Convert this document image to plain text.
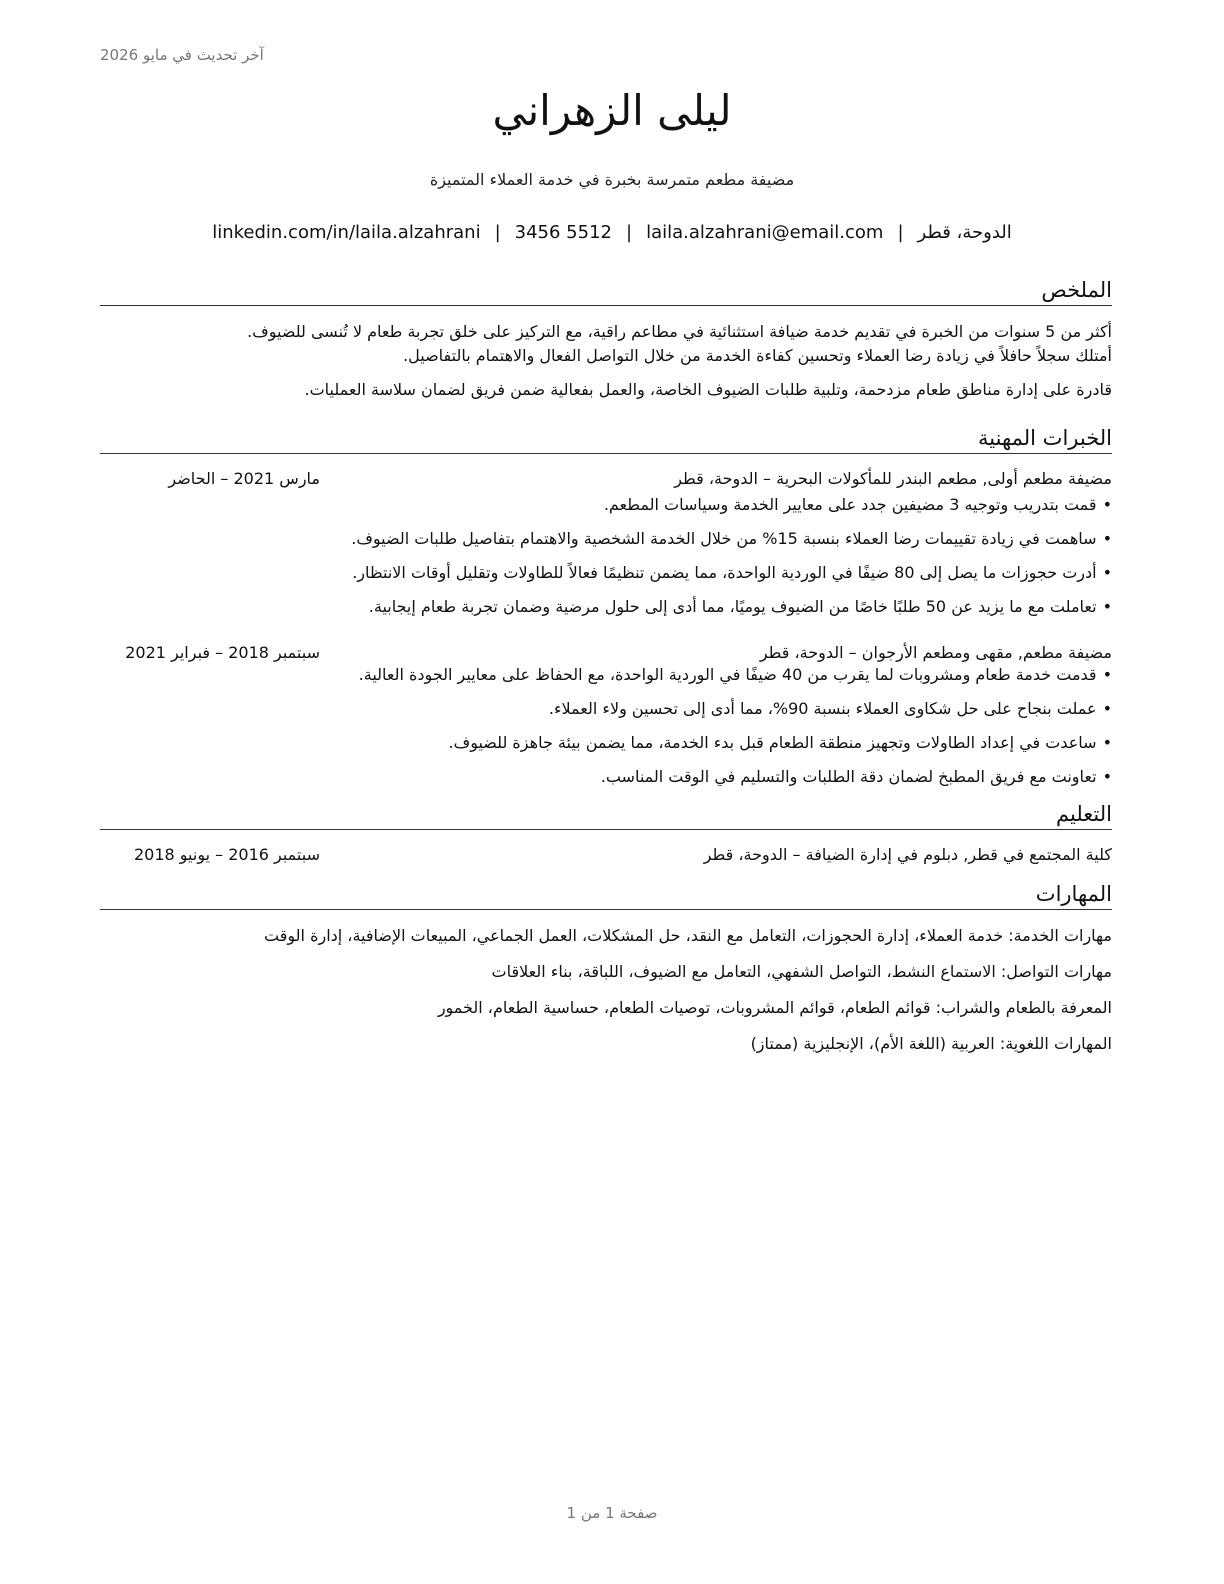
آخر تحديث في مايو 2026
ليلى الزهراني
مضيفة مطعم متمرسة بخبرة في خدمة العملاء المتميزة
الدوحة، قطر|laila.alzahrani@email.com|3456 5512|linkedin.com/in/laila.alzahrani
الملخص

أكثر من 5 سنوات من الخبرة في تقديم خدمة ضيافة استثنائية في مطاعم راقية، مع التركيز على خلق تجربة طعام لا تُنسى للضيوف.

أمتلك سجلاً حافلاً في زيادة رضا العملاء وتحسين كفاءة الخدمة من خلال التواصل الفعال والاهتمام بالتفاصيل.

قادرة على إدارة مناطق طعام مزدحمة، وتلبية طلبات الضيوف الخاصة، والعمل بفعالية ضمن فريق لضمان سلاسة العمليات.

الخبرات المهنية
مضيفة مطعم أولى, مطعم البندر للمأكولات البحرية – الدوحة، قطر
مارس 2021 – الحاضر
•قمت بتدريب وتوجيه 3 مضيفين جدد على معايير الخدمة وسياسات المطعم.
•ساهمت في زيادة تقييمات رضا العملاء بنسبة 15% من خلال الخدمة الشخصية والاهتمام بتفاصيل طلبات الضيوف.
•أدرت حجوزات ما يصل إلى 80 ضيفًا في الوردية الواحدة، مما يضمن تنظيمًا فعالاً للطاولات وتقليل أوقات الانتظار.
•تعاملت مع ما يزيد عن 50 طلبًا خاصًا من الضيوف يوميًا، مما أدى إلى حلول مرضية وضمان تجربة طعام إيجابية.
مضيفة مطعم, مقهى ومطعم الأرجوان – الدوحة، قطر
سبتمبر 2018 – فبراير 2021
•قدمت خدمة طعام ومشروبات لما يقرب من 40 ضيفًا في الوردية الواحدة، مع الحفاظ على معايير الجودة العالية.
•عملت بنجاح على حل شكاوى العملاء بنسبة 90%، مما أدى إلى تحسين ولاء العملاء.
•ساعدت في إعداد الطاولات وتجهيز منطقة الطعام قبل بدء الخدمة، مما يضمن بيئة جاهزة للضيوف.
•تعاونت مع فريق المطبخ لضمان دقة الطلبات والتسليم في الوقت المناسب.
التعليم
كلية المجتمع في قطر, دبلوم في إدارة الضيافة – الدوحة، قطر
سبتمبر 2016 – يونيو 2018
المهارات

مهارات الخدمة: خدمة العملاء، إدارة الحجوزات، التعامل مع النقد، حل المشكلات، العمل الجماعي، المبيعات الإضافية، إدارة الوقت

مهارات التواصل: الاستماع النشط، التواصل الشفهي، التعامل مع الضيوف، اللباقة، بناء العلاقات

المعرفة بالطعام والشراب: قوائم الطعام، قوائم المشروبات، توصيات الطعام، حساسية الطعام، الخمور

المهارات اللغوية: العربية (اللغة الأم)، الإنجليزية (ممتاز)

صفحة 1 من 1
